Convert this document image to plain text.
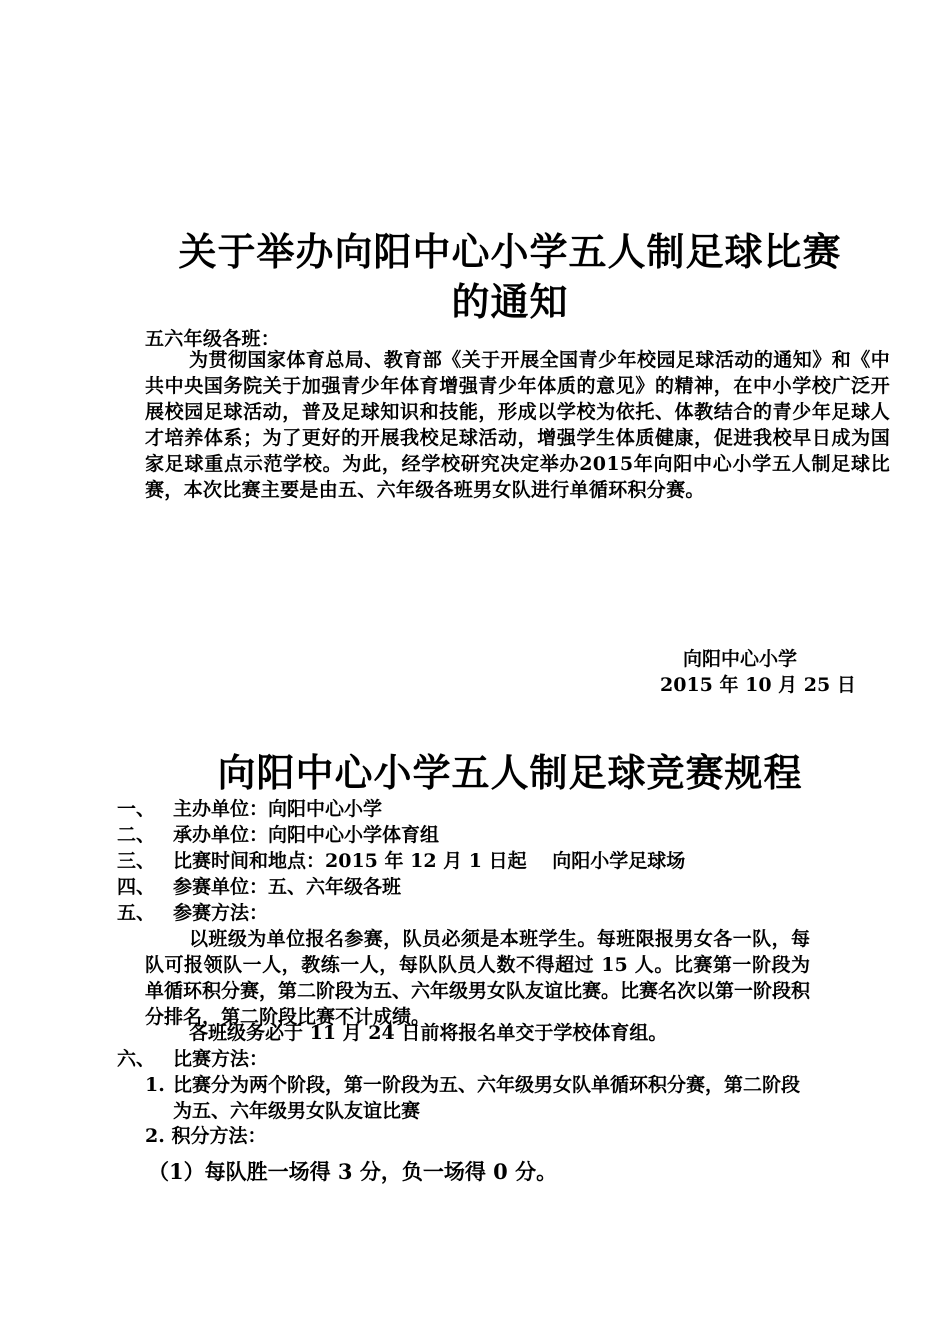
关于举办向阳中心小学五人制足球比赛
的通知
五六年级各班：
为贯彻国家体育总局、教育部《关于开展全国青少年校园足球活动的通知》和《中共中央国务院关于加强青少年体育增强青少年体质的意见》的精神，在中小学校广泛开展校园足球活动，普及足球知识和技能，形成以学校为依托、体教结合的青少年足球人才培养体系；为了更好的开展我校足球活动，增强学生体质健康，促进我校早日成为国家足球重点示范学校。为此，经学校研究决定举办2015年向阳中心小学五人制足球比赛，本次比赛主要是由五、六年级各班男女队进行单循环积分赛。
向阳中心小学
2015 年 10 月 25 日
向阳中心小学五人制足球竞赛规程
一、 主办单位：向阳中心小学
二、 承办单位：向阳中心小学体育组
三、 比赛时间和地点：2015 年 12 月 1 日起　 向阳小学足球场
四、 参赛单位：五、六年级各班
五、 参赛方法：
以班级为单位报名参赛，队员必须是本班学生。每班限报男女各一队，每队可报领队一人，教练一人，每队队员人数不得超过 15 人。比赛第一阶段为单循环积分赛，第二阶段为五、六年级男女队友谊比赛。比赛名次以第一阶段积分排名，第二阶段比赛不计成绩。
各班级务必于 11 月 24 日前将报名单交于学校体育组。
六、 比赛方法：
1. 比赛分为两个阶段，第一阶段为五、六年级男女队单循环积分赛，第二阶段为五、六年级男女队友谊比赛
2. 积分方法：
（1）每队胜一场得 3 分，负一场得 0 分。
